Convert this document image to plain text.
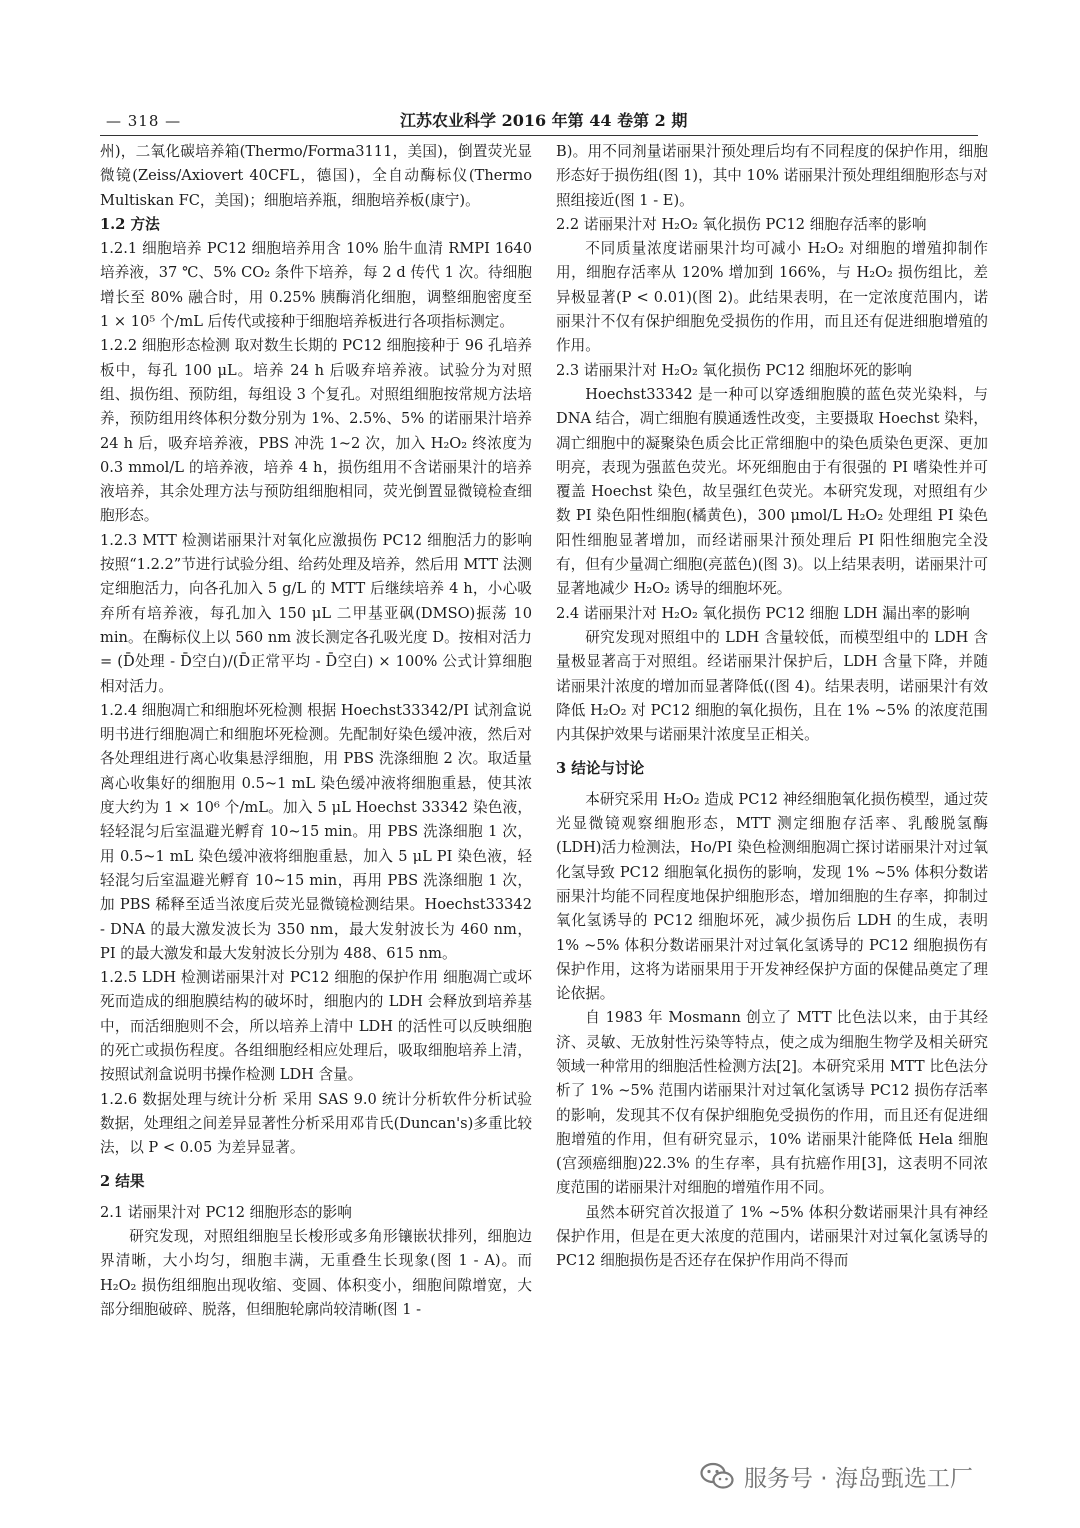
— 318 —	江苏农业科学 2016 年第 44 卷第 2 期

州)，二氧化碳培养箱(Thermo/Forma3111，美国)，倒置荧光显微镜(Zeiss/Axiovert 40CFL，德国)，全自动酶标仪(Thermo Multiskan FC，美国)；细胞培养瓶，细胞培养板(康宁)。

1.2 方法

1.2.1 细胞培养 PC12 细胞培养用含 10% 胎牛血清 RMPI 1640 培养液，37 ℃、5% CO₂ 条件下培养，每 2 d 传代 1 次。待细胞增长至 80% 融合时，用 0.25% 胰酶消化细胞，调整细胞密度至 1 × 10⁵ 个/mL 后传代或接种于细胞培养板进行各项指标测定。

1.2.2 细胞形态检测 取对数生长期的 PC12 细胞接种于 96 孔培养板中，每孔 100 μL。培养 24 h 后吸弃培养液。试验分为对照组、损伤组、预防组，每组设 3 个复孔。对照组细胞按常规方法培养，预防组用终体积分数分别为 1%、2.5%、5% 的诺丽果汁培养 24 h 后，吸弃培养液，PBS 冲洗 1~2 次，加入 H₂O₂ 终浓度为 0.3 mmol/L 的培养液，培养 4 h，损伤组用不含诺丽果汁的培养液培养，其余处理方法与预防组细胞相同，荧光倒置显微镜检查细胞形态。

1.2.3 MTT 检测诺丽果汁对氧化应激损伤 PC12 细胞活力的影响 按照“1.2.2”节进行试验分组、给药处理及培养，然后用 MTT 法测定细胞活力，向各孔加入 5 g/L 的 MTT 后继续培养 4 h，小心吸弃所有培养液，每孔加入 150 μL 二甲基亚砜(DMSO)振荡 10 min。在酶标仪上以 560 nm 波长测定各孔吸光度 D。按相对活力 = (D̄处理 - D̄空白)/(D̄正常平均 - D̄空白) × 100% 公式计算细胞相对活力。

1.2.4 细胞凋亡和细胞坏死检测 根据 Hoechst33342/PI 试剂盒说明书进行细胞凋亡和细胞坏死检测。先配制好染色缓冲液，然后对各处理组进行离心收集悬浮细胞，用 PBS 洗涤细胞 2 次。取适量离心收集好的细胞用 0.5~1 mL 染色缓冲液将细胞重悬，使其浓度大约为 1 × 10⁶ 个/mL。加入 5 μL Hoechst 33342 染色液，轻轻混匀后室温避光孵育 10~15 min。用 PBS 洗涤细胞 1 次，用 0.5~1 mL 染色缓冲液将细胞重悬，加入 5 μL PI 染色液，轻轻混匀后室温避光孵育 10~15 min，再用 PBS 洗涤细胞 1 次，加 PBS 稀释至适当浓度后荧光显微镜检测结果。Hoechst33342 - DNA 的最大激发波长为 350 nm，最大发射波长为 460 nm，PI 的最大激发和最大发射波长分别为 488、615 nm。

1.2.5 LDH 检测诺丽果汁对 PC12 细胞的保护作用 细胞凋亡或坏死而造成的细胞膜结构的破坏时，细胞内的 LDH 会释放到培养基中，而活细胞则不会，所以培养上清中 LDH 的活性可以反映细胞的死亡或损伤程度。各组细胞经相应处理后，吸取细胞培养上清，按照试剂盒说明书操作检测 LDH 含量。

1.2.6 数据处理与统计分析 采用 SAS 9.0 统计分析软件分析试验数据，处理组之间差异显著性分析采用邓肯氏(Duncan's)多重比较法，以 P < 0.05 为差异显著。

2 结果

2.1 诺丽果汁对 PC12 细胞形态的影响

研究发现，对照组细胞呈长梭形或多角形镶嵌状排列，细胞边界清晰，大小均匀，细胞丰满，无重叠生长现象(图 1 - A)。而 H₂O₂ 损伤组细胞出现收缩、变圆、体积变小，细胞间隙增宽，大部分细胞破碎、脱落，但细胞轮廓尚较清晰(图 1 -

B)。用不同剂量诺丽果汁预处理后均有不同程度的保护作用，细胞形态好于损伤组(图 1)，其中 10% 诺丽果汁预处理组细胞形态与对照组接近(图 1 - E)。

2.2 诺丽果汁对 H₂O₂ 氧化损伤 PC12 细胞存活率的影响

不同质量浓度诺丽果汁均可减小 H₂O₂ 对细胞的增殖抑制作用，细胞存活率从 120% 增加到 166%，与 H₂O₂ 损伤组比，差异极显著(P < 0.01)(图 2)。此结果表明，在一定浓度范围内，诺丽果汁不仅有保护细胞免受损伤的作用，而且还有促进细胞增殖的作用。

2.3 诺丽果汁对 H₂O₂ 氧化损伤 PC12 细胞坏死的影响

Hoechst33342 是一种可以穿透细胞膜的蓝色荧光染料，与 DNA 结合，凋亡细胞有膜通透性改变，主要摄取 Hoechst 染料，凋亡细胞中的凝聚染色质会比正常细胞中的染色质染色更深、更加明亮，表现为强蓝色荧光。坏死细胞由于有很强的 PI 嗜染性并可覆盖 Hoechst 染色，故呈强红色荧光。本研究发现，对照组有少数 PI 染色阳性细胞(橘黄色)，300 μmol/L H₂O₂ 处理组 PI 染色阳性细胞显著增加，而经诺丽果汁预处理后 PI 阳性细胞完全没有，但有少量凋亡细胞(亮蓝色)(图 3)。以上结果表明，诺丽果汁可显著地减少 H₂O₂ 诱导的细胞坏死。

2.4 诺丽果汁对 H₂O₂ 氧化损伤 PC12 细胞 LDH 漏出率的影响

研究发现对照组中的 LDH 含量较低，而模型组中的 LDH 含量极显著高于对照组。经诺丽果汁保护后，LDH 含量下降，并随诺丽果汁浓度的增加而显著降低((图 4)。结果表明，诺丽果汁有效降低 H₂O₂ 对 PC12 细胞的氧化损伤，且在 1% ~5% 的浓度范围内其保护效果与诺丽果汁浓度呈正相关。

3 结论与讨论

本研究采用 H₂O₂ 造成 PC12 神经细胞氧化损伤模型，通过荧光显微镜观察细胞形态，MTT 测定细胞存活率、乳酸脱氢酶(LDH)活力检测法，Ho/PI 染色检测细胞凋亡探讨诺丽果汁对过氧化氢导致 PC12 细胞氧化损伤的影响，发现 1% ~5% 体积分数诺丽果汁均能不同程度地保护细胞形态，增加细胞的生存率，抑制过氧化氢诱导的 PC12 细胞坏死，减少损伤后 LDH 的生成，表明 1% ~5% 体积分数诺丽果汁对过氧化氢诱导的 PC12 细胞损伤有保护作用，这将为诺丽果用于开发神经保护方面的保健品奠定了理论依据。

自 1983 年 Mosmann 创立了 MTT 比色法以来，由于其经济、灵敏、无放射性污染等特点，使之成为细胞生物学及相关研究领域一种常用的细胞活性检测方法[2]。本研究采用 MTT 比色法分析了 1% ~5% 范围内诺丽果汁对过氧化氢诱导 PC12 损伤存活率的影响，发现其不仅有保护细胞免受损伤的作用，而且还有促进细胞增殖的作用，但有研究显示，10% 诺丽果汁能降低 Hela 细胞(宫颈癌细胞)22.3% 的生存率，具有抗癌作用[3]，这表明不同浓度范围的诺丽果汁对细胞的增殖作用不同。

虽然本研究首次报道了 1% ~5% 体积分数诺丽果汁具有神经保护作用，但是在更大浓度的范围内，诺丽果汁对过氧化氢诱导的 PC12 细胞损伤是否还存在保护作用尚不得而

服务号 · 海岛甄选工厂
